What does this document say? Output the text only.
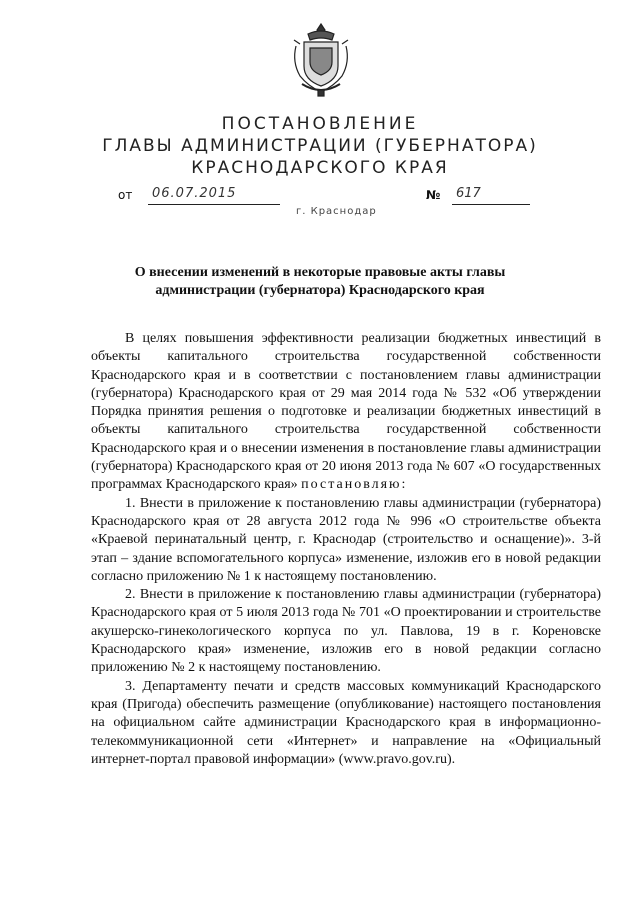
ПОСТАНОВЛЕНИЕ
ГЛАВЫ АДМИНИСТРАЦИИ (ГУБЕРНАТОРА)
КРАСНОДАРСКОГО КРАЯ
от 06.07.2015	№ 617
г. Краснодар
О внесении изменений в некоторые правовые акты главы администрации (губернатора) Краснодарского края

В целях повышения эффективности реализации бюджетных инвестиций в объекты капитального строительства государственной собственности Краснодарского края и в соответствии с постановлением главы администрации (губернатора) Краснодарского края от 29 мая 2014 года № 532 «Об утверждении Порядка принятия решения о подготовке и реализации бюджетных инвестиций в объекты капитального строительства государственной собственности Краснодарского края и о внесении изменения в постановление главы администрации (губернатора) Краснодарского края от 20 июня 2013 года № 607 «О государственных программах Краснодарского края» постановляю:

1. Внести в приложение к постановлению главы администрации (губернатора) Краснодарского края от 28 августа 2012 года № 996 «О строительстве объекта «Краевой перинатальный центр, г. Краснодар (строительство и оснащение)». 3-й этап – здание вспомогательного корпуса» изменение, изложив его в новой редакции согласно приложению № 1 к настоящему постановлению.

2. Внести в приложение к постановлению главы администрации (губернатора) Краснодарского края от 5 июля 2013 года № 701 «О проектировании и строительстве акушерско-гинекологического корпуса по ул. Павлова, 19 в г. Кореновске Краснодарского края» изменение, изложив его в новой редакции согласно приложению № 2 к настоящему постановлению.

3. Департаменту печати и средств массовых коммуникаций Краснодарского края (Пригода) обеспечить размещение (опубликование) настоящего постановления на официальном сайте администрации Краснодарского края в информационно-телекоммуникационной сети «Интернет» и направление на «Официальный интернет-портал правовой информации» (www.pravo.gov.ru).
